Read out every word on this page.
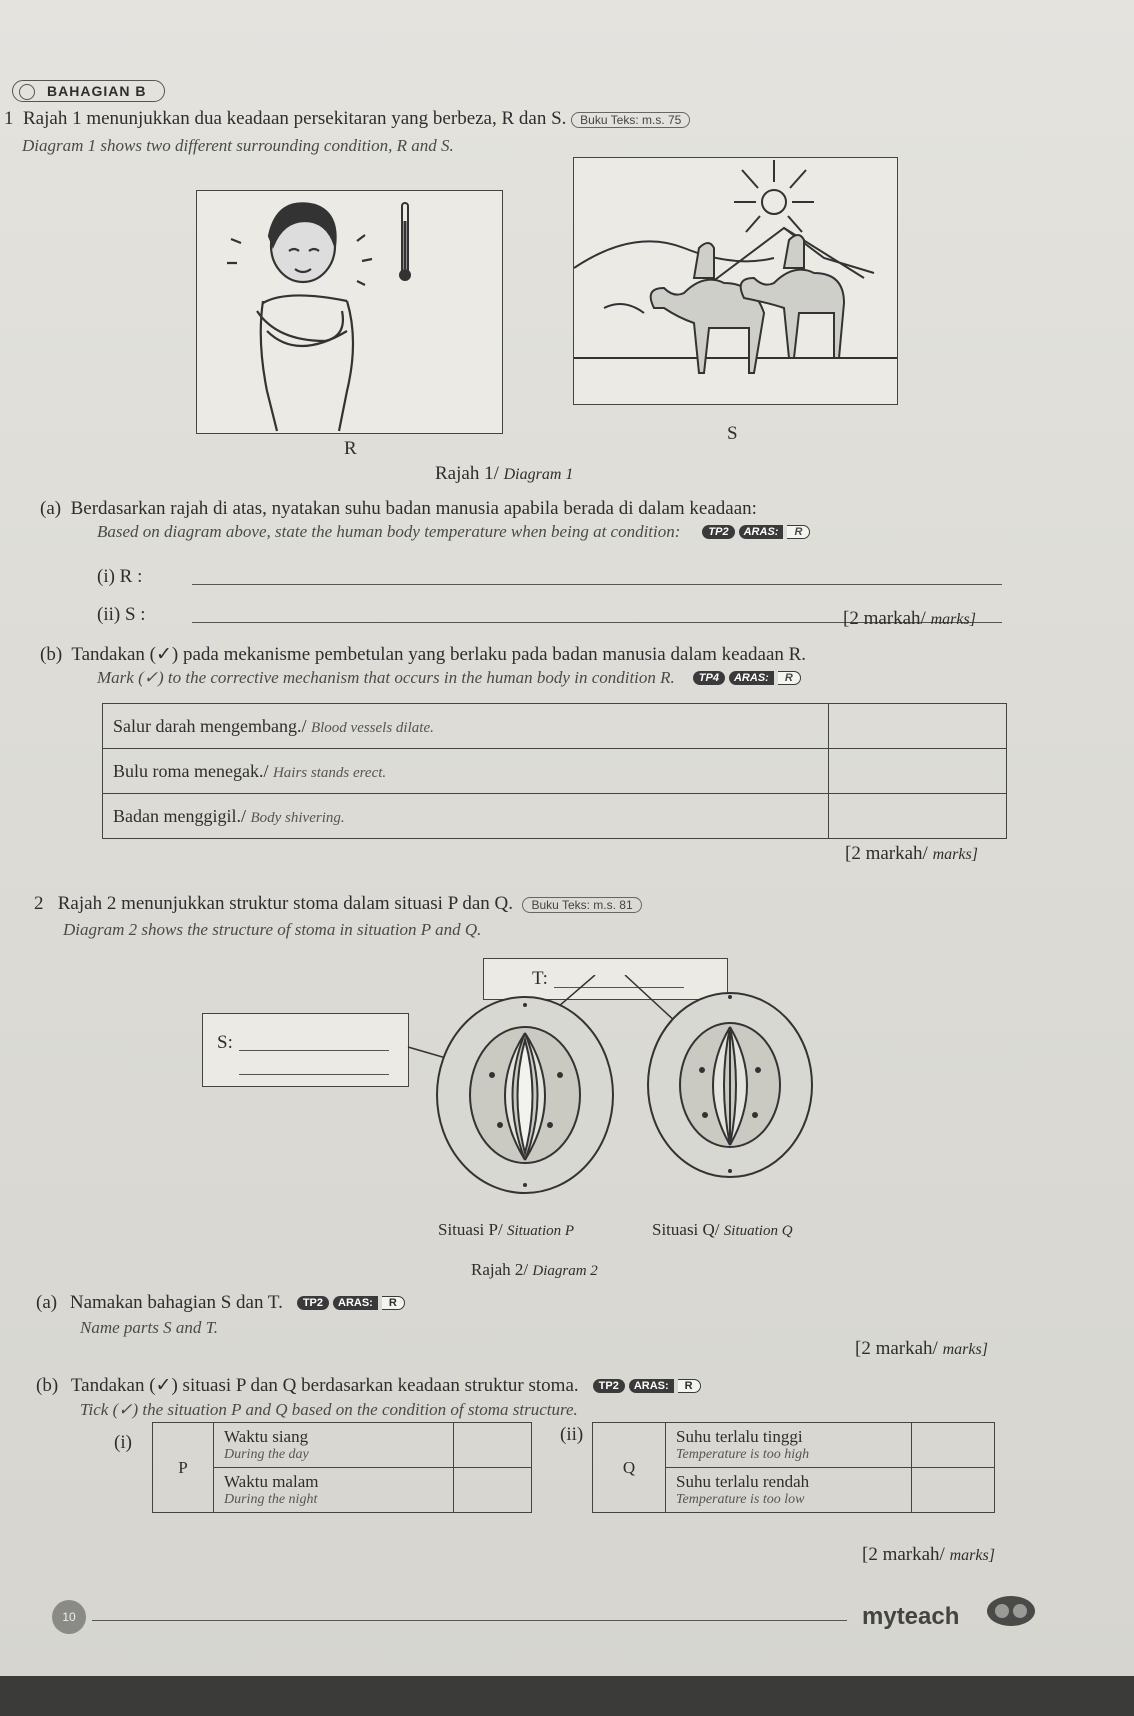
BAHAGIAN B
1 Rajah 1 menunjukkan dua keadaan persekitaran yang berbeza, R dan S. Buku Teks: m.s. 75
Diagram 1 shows two different surrounding condition, R and S.
R
S
Rajah 1/ Diagram 1
(a) Berdasarkan rajah di atas, nyatakan suhu badan manusia apabila berada di dalam keadaan:
Based on diagram above, state the human body temperature when being at condition:	TP2	ARAS:	R
(i) R :
(ii) S :	[2 markah/ marks]
(b) Tandakan (✓) pada mekanisme pembetulan yang berlaku pada badan manusia dalam keadaan R.
Mark (✓) to the corrective mechanism that occurs in the human body in condition R.	TP4	ARAS:	R
Salur darah mengembang./ Blood vessels dilate.	
Bulu roma menegak./ Hairs stands erect.	
Badan menggigil./ Body shivering.	
[2 markah/ marks]
2 Rajah 2 menunjukkan struktur stoma dalam situasi P dan Q. Buku Teks: m.s. 81
Diagram 2 shows the structure of stoma in situation P and Q.
T:
S:
Situasi P/ Situation P	Situasi Q/ Situation Q
Rajah 2/ Diagram 2
(a)
Namakan bahagian S dan T.	TP2	ARAS:	R
Name parts S and T.
[2 markah/ marks]
(b)
Tandakan (✓) situasi P dan Q berdasarkan keadaan struktur stoma.	TP2	ARAS:	R
Tick (✓) the situation P and Q based on the condition of stoma structure.
(i)
P	Waktu siang
During the day	

	Waktu malam
During the night	

(ii)
Q	Suhu terlalu tinggi
Temperature is too high	

	Suhu terlalu rendah
Temperature is too low	

[2 markah/ marks]
10	myteach
